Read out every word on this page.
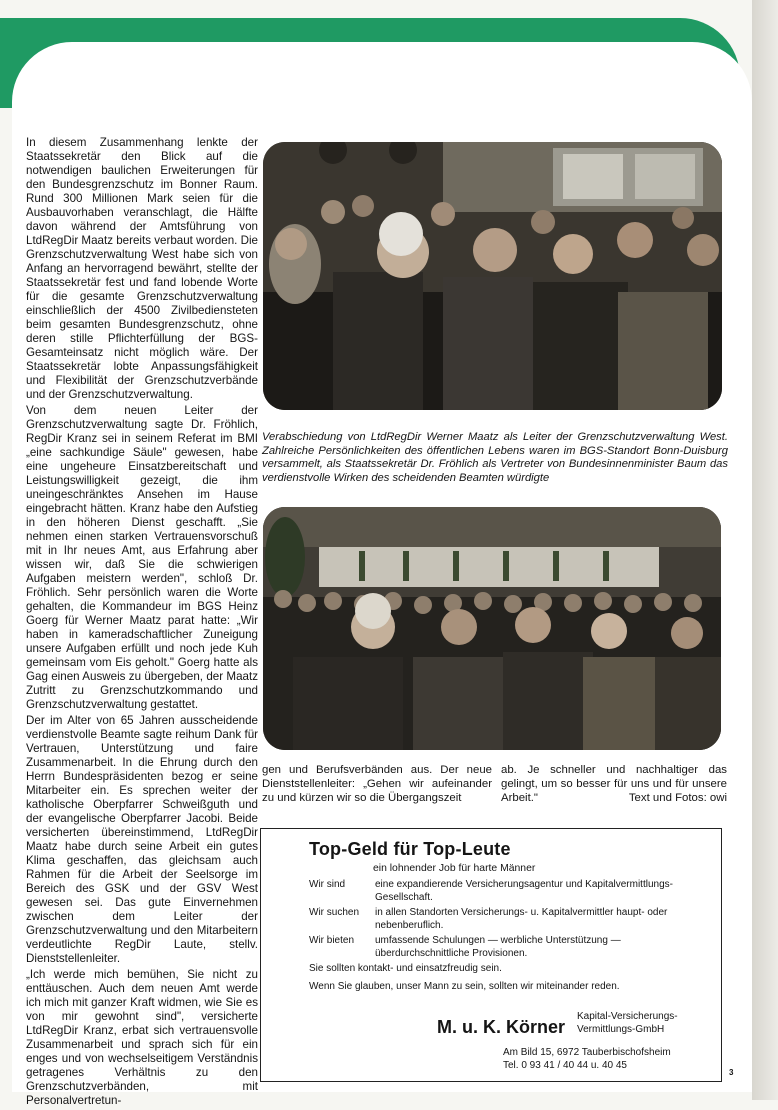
In diesem Zusammenhang lenkte der Staatssekretär den Blick auf die notwendigen baulichen Erweiterungen für den Bundesgrenzschutz im Bonner Raum. Rund 300 Millionen Mark seien für die Ausbauvorhaben veranschlagt, die Hälfte davon während der Amtsführung von LtdRegDir Maatz bereits verbaut worden. Die Grenzschutzverwaltung West habe sich von Anfang an hervorragend bewährt, stellte der Staatssekretär fest und fand lobende Worte für die gesamte Grenzschutzverwaltung einschließlich der 4500 Zivilbediensteten beim gesamten Bundesgrenzschutz, ohne deren stille Pflichterfüllung der BGS-Gesamteinsatz nicht möglich wäre. Der Staatssekretär lobte Anpassungsfähigkeit und Flexibilität der Grenzschutzverbände und der Grenzschutzverwaltung.

Von dem neuen Leiter der Grenzschutzverwaltung sagte Dr. Fröhlich, RegDir Kranz sei in seinem Referat im BMI „eine sachkundige Säule" gewesen, habe eine ungeheure Einsatzbereitschaft und Leistungswilligkeit gezeigt, die ihm uneingeschränktes Ansehen im Hause eingebracht hätten. Kranz habe den Aufstieg in den höheren Dienst geschafft. „Sie nehmen einen starken Vertrauensvorschuß mit in Ihr neues Amt, aus Erfahrung aber wissen wir, daß Sie die schwierigen Aufgaben meistern werden", schloß Dr. Fröhlich. Sehr persönlich waren die Worte gehalten, die Kommandeur im BGS Heinz Goerg für Werner Maatz parat hatte: „Wir haben in kameradschaftlicher Zuneigung unsere Aufgaben erfüllt und noch jede Kuh gemeinsam vom Eis geholt." Goerg hatte als Gag einen Ausweis zu übergeben, der Maatz Zutritt zu Grenzschutzkommando und Grenzschutzverwaltung gestattet.

Der im Alter von 65 Jahren ausscheidende verdienstvolle Beamte sagte reihum Dank für Vertrauen, Unterstützung und faire Zusammenarbeit. In die Ehrung durch den Herrn Bundespräsidenten bezog er seine Mitarbeiter ein. Es sprechen weiter der katholische Oberpfarrer Schweißguth und der evangelische Oberpfarrer Jacobi. Beide versicherten übereinstimmend, LtdRegDir Maatz habe durch seine Arbeit ein gutes Klima geschaffen, das gleichsam auch Rahmen für die Arbeit der Seelsorge im Bereich des GSK und der GSV West gewesen sei. Das gute Einvernehmen zwischen dem Leiter der Grenzschutzverwaltung und den Mitarbeitern verdeutlichte RegDir Laute, stellv. Dienststellenleiter.

„Ich werde mich bemühen, Sie nicht zu enttäuschen. Auch dem neuen Amt werde ich mich mit ganzer Kraft widmen, wie Sie es von mir gewohnt sind", versicherte LtdRegDir Kranz, erbat sich vertrauensvolle Zusammenarbeit und sprach sich für ein enges und von wechselseitigem Verständnis getragenes Verhältnis zu den Grenzschutzverbänden, mit Personalvertretun-

Verabschiedung von LtdRegDir Werner Maatz als Leiter der Grenzschutzverwaltung West. Zahlreiche Persönlichkeiten des öffentlichen Lebens waren im BGS-Standort Bonn-Duisburg versammelt, als Staatssekretär Dr. Fröhlich als Vertreter von Bundesinnenminister Baum das verdienstvolle Wirken des scheidenden Beamten würdigte
gen und Berufsverbänden aus. Der neue Dienststellenleiter: „Gehen wir aufeinander zu und kürzen wir so die Übergangszeit
ab. Je schneller und nachhaltiger das gelingt, um so besser für uns und für unsere Arbeit."	Text und Fotos: owi
Top-Geld für Top-Leute
ein lohnender Job für harte Männer
Wir sind	eine expandierende Versicherungsagentur und Kapitalvermittlungs-Gesellschaft.
Wir suchen	in allen Standorten Versicherungs- u. Kapitalvermittler haupt- oder nebenberuflich.
Wir bieten	umfassende Schulungen — werbliche Unterstützung — überdurchschnittliche Provisionen.
Sie sollten kontakt- und einsatzfreudig sein.
Wenn Sie glauben, unser Mann zu sein, sollten wir miteinander reden.
M. u. K. Körner
Kapital-Versicherungs-Vermittlungs-GmbH
Am Bild 15, 6972 Tauberbischofsheim
Tel. 0 93 41 / 40 44 u. 40 45
3
